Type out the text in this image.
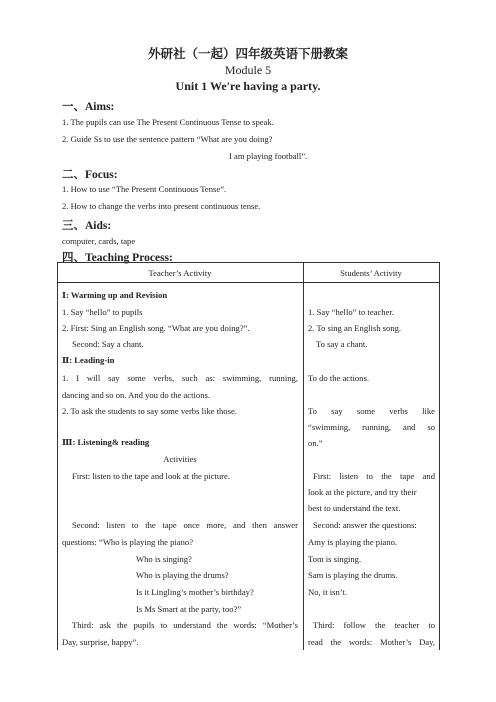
外研社（一起）四年级英语下册教案
Module 5
Unit 1 We're having a party.
一、Aims:
1. The pupils can use The Present Continuous Tense to speak.
2. Guide Ss to use the sentence pattern “What are you doing?
I am playing football”.
二、Focus:
1. How to use “The Present Continuous Tense”.
2. How to change the verbs into present continuous tense.
三、Aids:
computer, cards, tape
四、Teaching Process:
Teacher’s Activity	Students’ Activity
Ⅰ: Warming up and Revision
1. Say “hello” to pupils
2. First: Sing an English song. “What are you doing?”.
Second: Say a chant.
Ⅱ: Leading-in
1. I will say some verbs, such as: swimming, running,
dancing and so on. And you do the actions.
2. To ask the students to say some verbs like those.
Ⅲ: Listening& reading
Activities
First: listen to the tape and look at the picture.
Second: listen to the tape once more, and then answer
questions: “Who is playing the piano?
Who is singing?
Who is playing the drums?
Is it Lingling’s mother’s birthday?
Is Ms Smart at the party, too?”
Third: ask the pupils to understand the words: “Mother’s
Day, surprise, happy”.
1. Say “hello” to teacher.
2. To sing an English song.
To say a chant.
To do the actions.
To say some verbs like
“swimming, running, and so
on.”
First: listen to the tape and
look at the picture, and try their
best to understand the text.
Second: answer the questions:
Amy is playing the piano.
Tom is singing.
Sam is playing the drums.
No, it isn’t.
Third: follow the teacher to
read the words: Mother’s Day,
